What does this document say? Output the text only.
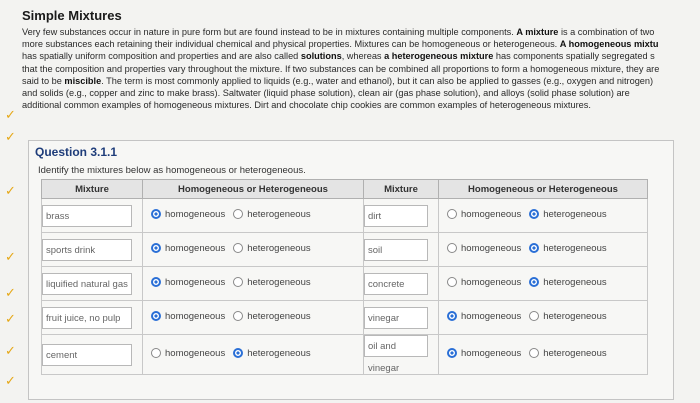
✓
✓
✓
✓
✓
✓
✓
✓
Simple Mixtures
Very few substances occur in nature in pure form but are found instead to be in mixtures containing multiple components. A mixture is a combination of two
more substances each retaining their individual chemical and physical properties. Mixtures can be homogeneous or heterogeneous. A homogeneous mixtu
has spatially uniform composition and properties and are also called solutions, whereas a heterogeneous mixture has components spatially segregated s
that the composition and properties vary throughout the mixture. If two substances can be combined all proportions to form a homogeneous mixture, they are
said to be miscible. The term is most commonly applied to liquids (e.g., water and ethanol), but it can also be applied to gasses (e.g., oxygen and nitrogen)
and solids (e.g., copper and zinc to make brass). Saltwater (liquid phase solution), clean air (gas phase solution), and alloys (solid phase solution) are
additional common examples of homogeneous mixtures. Dirt and chocolate chip cookies are common examples of heterogeneous mixtures.
Question 3.1.1
Identify the mixtures below as homogeneous or heterogeneous.
Mixture	Homogeneous or Heterogeneous	Mixture	Homogeneous or Heterogeneous
brass	homogeneous heterogeneous	dirt	homogeneous heterogeneous

sports drink	homogeneous heterogeneous	soil	homogeneous heterogeneous

liquified natural gas	homogeneous heterogeneous	concrete	homogeneous heterogeneous

fruit juice, no pulp	homogeneous heterogeneous	vinegar	homogeneous heterogeneous

cement	homogeneous heterogeneous	oil and vinegar	homogeneous heterogeneous
